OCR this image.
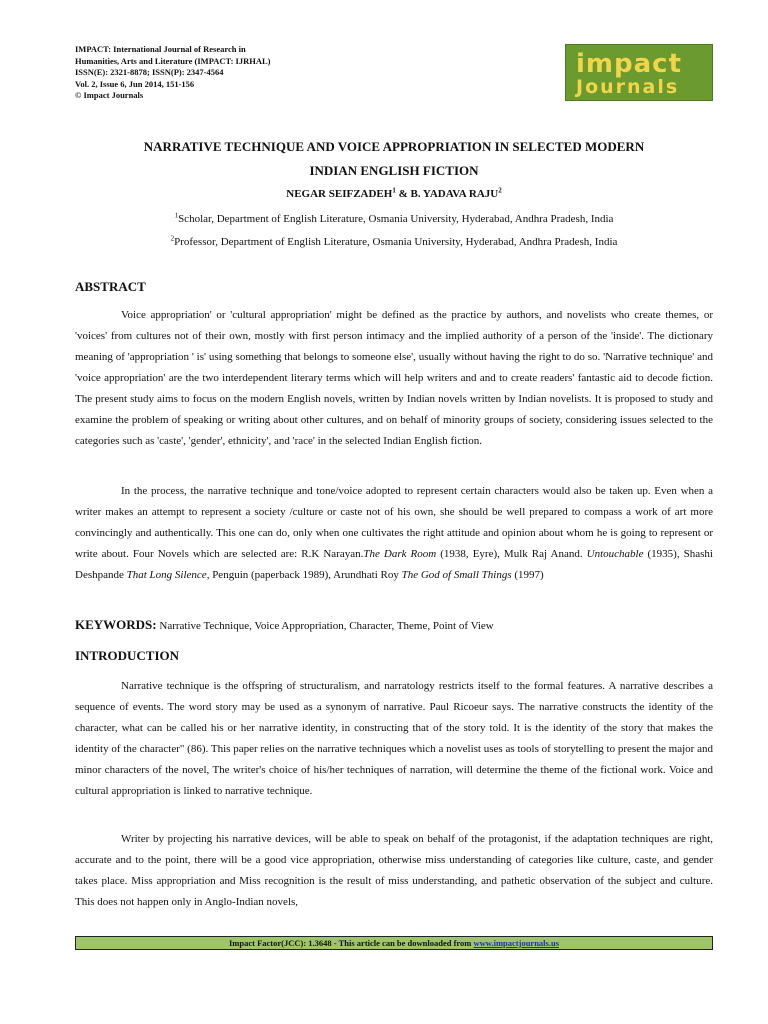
IMPACT: International Journal of Research in
Humanities, Arts and Literature (IMPACT: IJRHAL)
ISSN(E): 2321-8878; ISSN(P): 2347-4564
Vol. 2, Issue 6, Jun 2014, 151-156
© Impact Journals
impact
Journals
NARRATIVE TECHNIQUE AND VOICE APPROPRIATION IN SELECTED MODERN
INDIAN ENGLISH FICTION
NEGAR SEIFZADEH$^1$ & B. YADAVA RAJU$^2$
$^1$Scholar, Department of English Literature, Osmania University, Hyderabad, Andhra Pradesh, India
$^2$Professor, Department of English Literature, Osmania University, Hyderabad, Andhra Pradesh, India
ABSTRACT
Voice appropriation' or 'cultural appropriation' might be defined as the practice by authors, and novelists who create themes, or 'voices' from cultures not of their own, mostly with first person intimacy and the implied authority of a person of the 'inside'. The dictionary meaning of 'appropriation ' is' using something that belongs to someone else', usually without having the right to do so. 'Narrative technique' and 'voice appropriation' are the two interdependent literary terms which will help writers and and to create readers' fantastic aid to decode fiction. The present study aims to focus on the modern English novels, written by Indian novels written by Indian novelists. It is proposed to study and examine the problem of speaking or writing about other cultures, and on behalf of minority groups of society, considering issues selected to the categories such as 'caste', 'gender', ethnicity', and 'race' in the selected Indian English fiction.
In the process, the narrative technique and tone/voice adopted to represent certain characters would also be taken up. Even when a writer makes an attempt to represent a society /culture or caste not of his own, she should be well prepared to compass a work of art more convincingly and authentically. This one can do, only when one cultivates the right attitude and opinion about whom he is going to represent or write about. Four Novels which are selected are: R.K Narayan.The Dark Room (1938, Eyre), Mulk Raj Anand. Untouchable (1935), Shashi Deshpande That Long Silence, Penguin (paperback 1989), Arundhati Roy The God of Small Things (1997)
KEYWORDS: Narrative Technique, Voice Appropriation, Character, Theme, Point of View
INTRODUCTION
Narrative technique is the offspring of structuralism, and narratology restricts itself to the formal features. A narrative describes a sequence of events. The word story may be used as a synonym of narrative. Paul Ricoeur says. The narrative constructs the identity of the character, what can be called his or her narrative identity, in constructing that of the story told. It is the identity of the story that makes the identity of the character" (86). This paper relies on the narrative techniques which a novelist uses as tools of storytelling to present the major and minor characters of the novel, The writer's choice of his/her techniques of narration, will determine the theme of the fictional work. Voice and cultural appropriation is linked to narrative technique.
Writer by projecting his narrative devices, will be able to speak on behalf of the protagonist, if the adaptation techniques are right, accurate and to the point, there will be a good vice appropriation, otherwise miss understanding of categories like culture, caste, and gender takes place. Miss appropriation and Miss recognition is the result of miss understanding, and pathetic observation of the subject and culture. This does not happen only in Anglo-Indian novels,
Impact Factor(JCC): 1.3648 - This article can be downloaded from www.impactjournals.us
